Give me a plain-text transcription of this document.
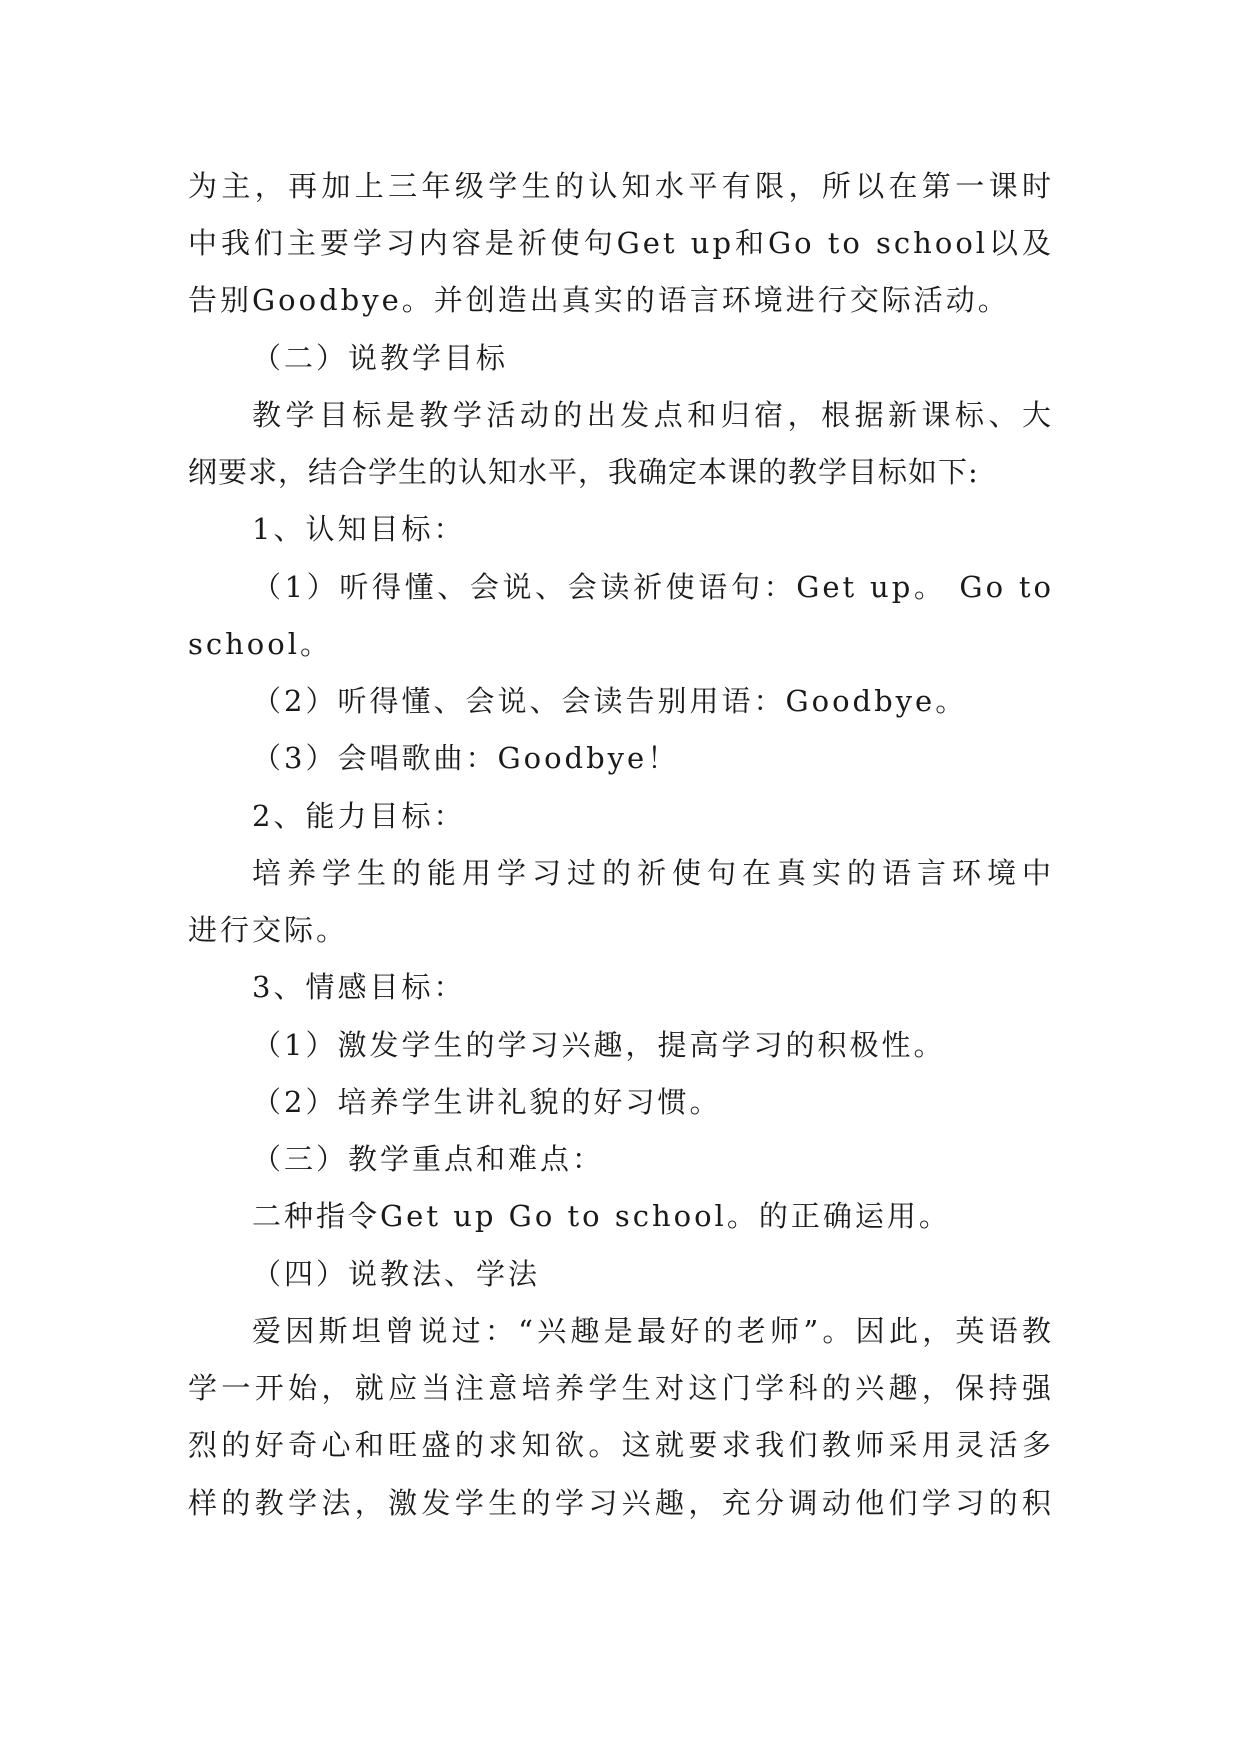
为主，再加上三年级学生的认知水平有限，所以在第一课时
中我们主要学习内容是祈使句Get up和Go to school以及
告别Goodbye。并创造出真实的语言环境进行交际活动。
（二）说教学目标
教学目标是教学活动的出发点和归宿，根据新课标、大
纲要求，结合学生的认知水平，我确定本课的教学目标如下:
1、认知目标：
（1）听得懂、会说、会读祈使语句：Get up。 Go to
school。
（2）听得懂、会说、会读告别用语：Goodbye。
（3）会唱歌曲：Goodbye！
2、能力目标：
培养学生的能用学习过的祈使句在真实的语言环境中
进行交际。
3、情感目标：
（1）激发学生的学习兴趣，提高学习的积极性。
（2）培养学生讲礼貌的好习惯。
（三）教学重点和难点：
二种指令Get up Go to school。的正确运用。
（四）说教法、学法
爱因斯坦曾说过：“兴趣是最好的老师”。因此，英语教
学一开始，就应当注意培养学生对这门学科的兴趣，保持强
烈的好奇心和旺盛的求知欲。这就要求我们教师采用灵活多
样的教学法，激发学生的学习兴趣，充分调动他们学习的积
